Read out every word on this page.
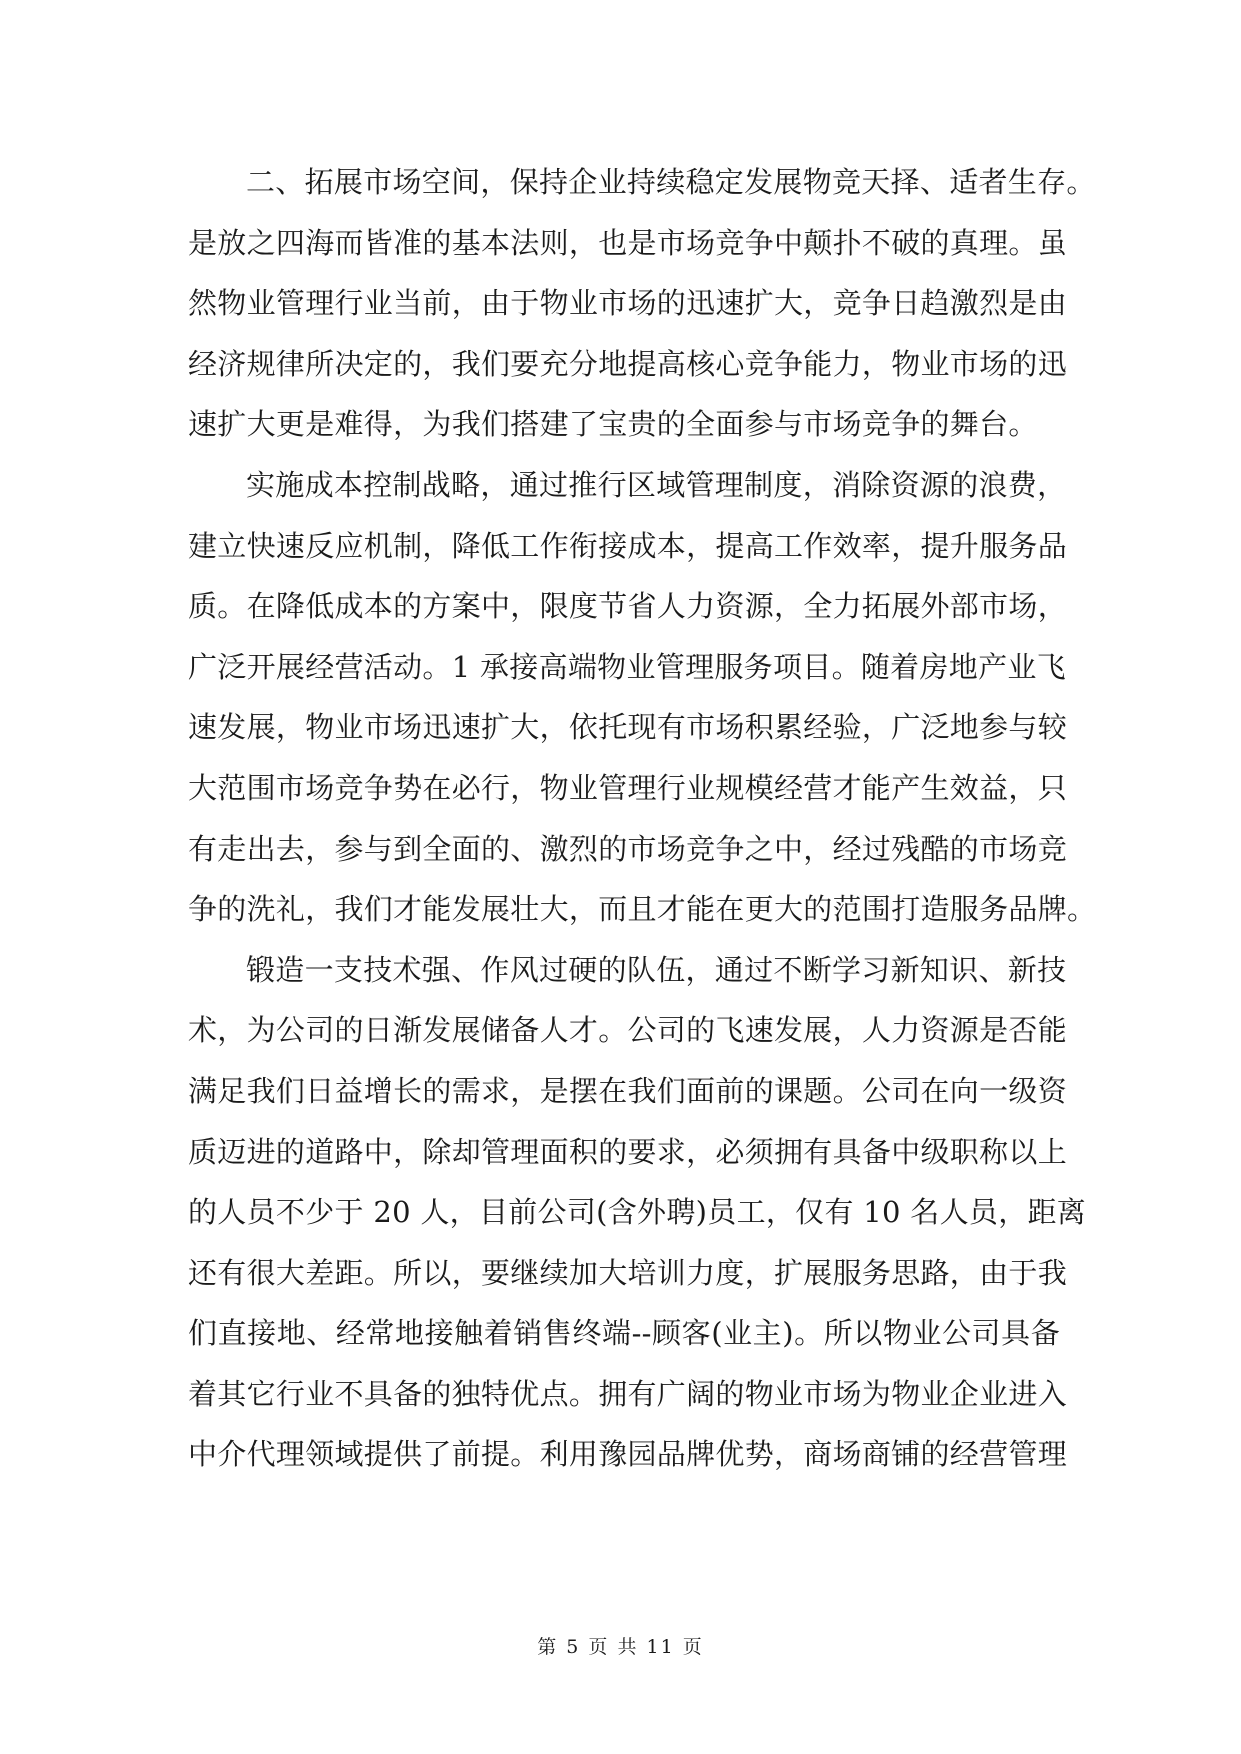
二、拓展市场空间，保持企业持续稳定发展物竞天择、适者生存。
是放之四海而皆准的基本法则，也是市场竞争中颠扑不破的真理。虽
然物业管理行业当前，由于物业市场的迅速扩大，竞争日趋激烈是由
经济规律所决定的，我们要充分地提高核心竞争能力，物业市场的迅
速扩大更是难得，为我们搭建了宝贵的全面参与市场竞争的舞台。
实施成本控制战略，通过推行区域管理制度，消除资源的浪费，
建立快速反应机制，降低工作衔接成本，提高工作效率，提升服务品
质。在降低成本的方案中，限度节省人力资源，全力拓展外部市场，
广泛开展经营活动。1 承接高端物业管理服务项目。随着房地产业飞
速发展，物业市场迅速扩大，依托现有市场积累经验，广泛地参与较
大范围市场竞争势在必行，物业管理行业规模经营才能产生效益，只
有走出去，参与到全面的、激烈的市场竞争之中，经过残酷的市场竞
争的洗礼，我们才能发展壮大，而且才能在更大的范围打造服务品牌。
锻造一支技术强、作风过硬的队伍，通过不断学习新知识、新技
术，为公司的日渐发展储备人才。公司的飞速发展，人力资源是否能
满足我们日益增长的需求，是摆在我们面前的课题。公司在向一级资
质迈进的道路中，除却管理面积的要求，必须拥有具备中级职称以上
的人员不少于 20 人，目前公司(含外聘)员工，仅有 10 名人员，距离
还有很大差距。所以，要继续加大培训力度，扩展服务思路，由于我
们直接地、经常地接触着销售终端--顾客(业主)。所以物业公司具备
着其它行业不具备的独特优点。拥有广阔的物业市场为物业企业进入
中介代理领域提供了前提。利用豫园品牌优势，商场商铺的经营管理
第 5 页 共 11 页
